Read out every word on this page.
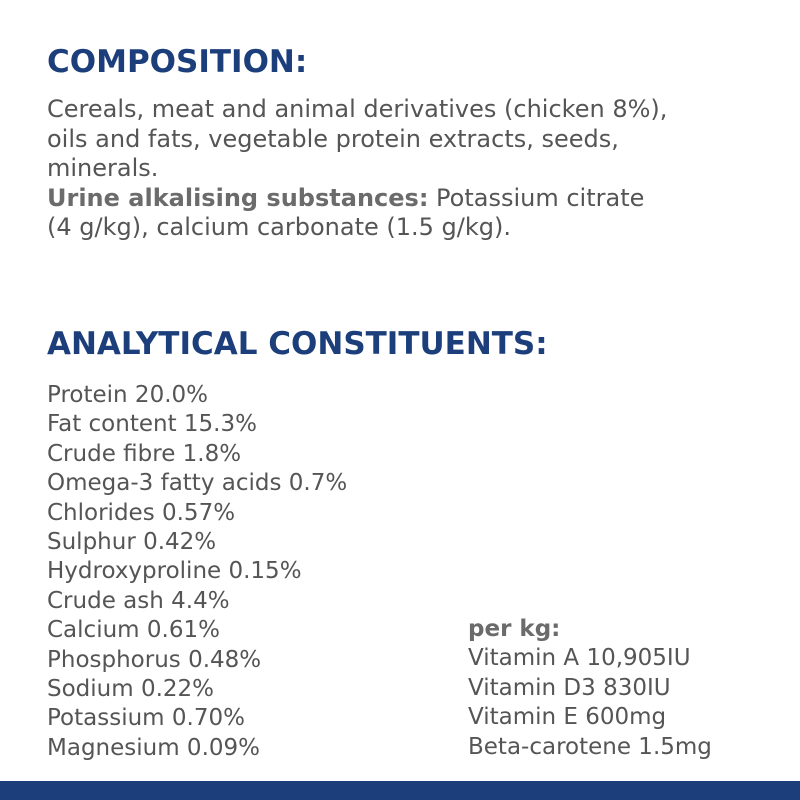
COMPOSITION:
Cereals, meat and animal derivatives (chicken 8%),
oils and fats, vegetable protein extracts, seeds,
minerals.
Urine alkalising substances: Potassium citrate
(4 g/kg), calcium carbonate (1.5 g/kg).
ANALYTICAL CONSTITUENTS:
Protein 20.0%
Fat content 15.3%
Crude fibre 1.8%
Omega-3 fatty acids 0.7%
Chlorides 0.57%
Sulphur 0.42%
Hydroxyproline 0.15%
Crude ash 4.4%
Calcium 0.61%
Phosphorus 0.48%
Sodium 0.22%
Potassium 0.70%
Magnesium 0.09%
per kg:
Vitamin A 10,905IU
Vitamin D3 830IU
Vitamin E 600mg
Beta-carotene 1.5mg
